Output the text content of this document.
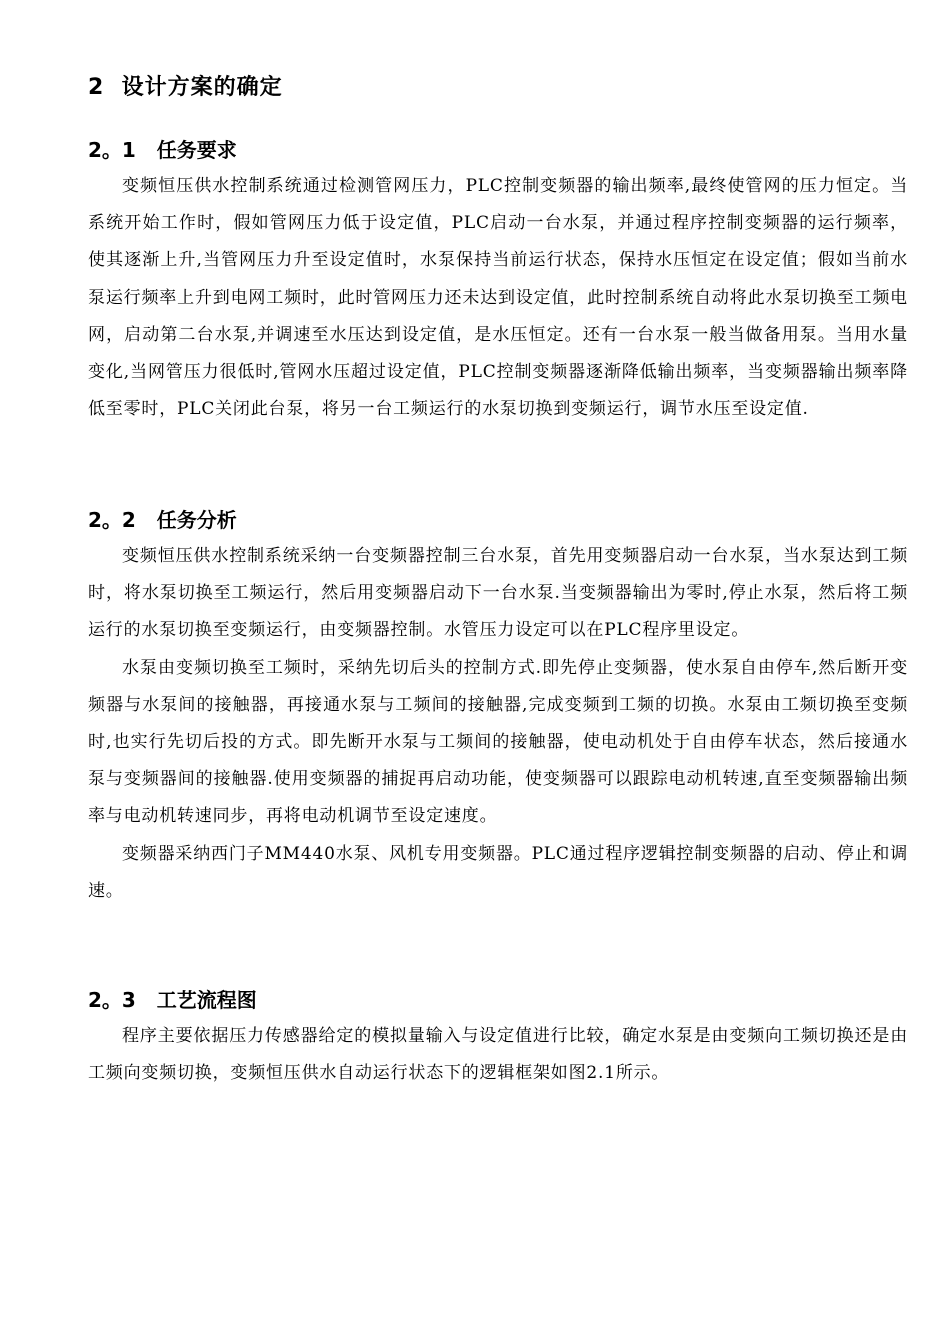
2  设计方案的确定
2。1   任务要求

变频恒压供水控制系统通过检测管网压力，PLC控制变频器的输出频率,最终使管网的压力恒定。当系统开始工作时，假如管网压力低于设定值，PLC启动一台水泵，并通过程序控制变频器的运行频率，使其逐渐上升,当管网压力升至设定值时，水泵保持当前运行状态，保持水压恒定在设定值；假如当前水泵运行频率上升到电网工频时，此时管网压力还未达到设定值，此时控制系统自动将此水泵切换至工频电网，启动第二台水泵,并调速至水压达到设定值，是水压恒定。还有一台水泵一般当做备用泵。当用水量变化,当网管压力很低时,管网水压超过设定值，PLC控制变频器逐渐降低输出频率，当变频器输出频率降低至零时，PLC关闭此台泵，将另一台工频运行的水泵切换到变频运行，调节水压至设定值.

2。2   任务分析

变频恒压供水控制系统采纳一台变频器控制三台水泵，首先用变频器启动一台水泵，当水泵达到工频时，将水泵切换至工频运行，然后用变频器启动下一台水泵.当变频器输出为零时,停止水泵，然后将工频运行的水泵切换至变频运行，由变频器控制。水管压力设定可以在PLC程序里设定。

水泵由变频切换至工频时，采纳先切后头的控制方式.即先停止变频器，使水泵自由停车,然后断开变频器与水泵间的接触器，再接通水泵与工频间的接触器,完成变频到工频的切换。水泵由工频切换至变频时,也实行先切后投的方式。即先断开水泵与工频间的接触器，使电动机处于自由停车状态，然后接通水泵与变频器间的接触器.使用变频器的捕捉再启动功能，使变频器可以跟踪电动机转速,直至变频器输出频率与电动机转速同步，再将电动机调节至设定速度。

变频器采纳西门子MM440水泵、风机专用变频器。PLC通过程序逻辑控制变频器的启动、停止和调速。

2。3   工艺流程图

程序主要依据压力传感器给定的模拟量输入与设定值进行比较，确定水泵是由变频向工频切换还是由工频向变频切换，变频恒压供水自动运行状态下的逻辑框架如图2.1所示。
